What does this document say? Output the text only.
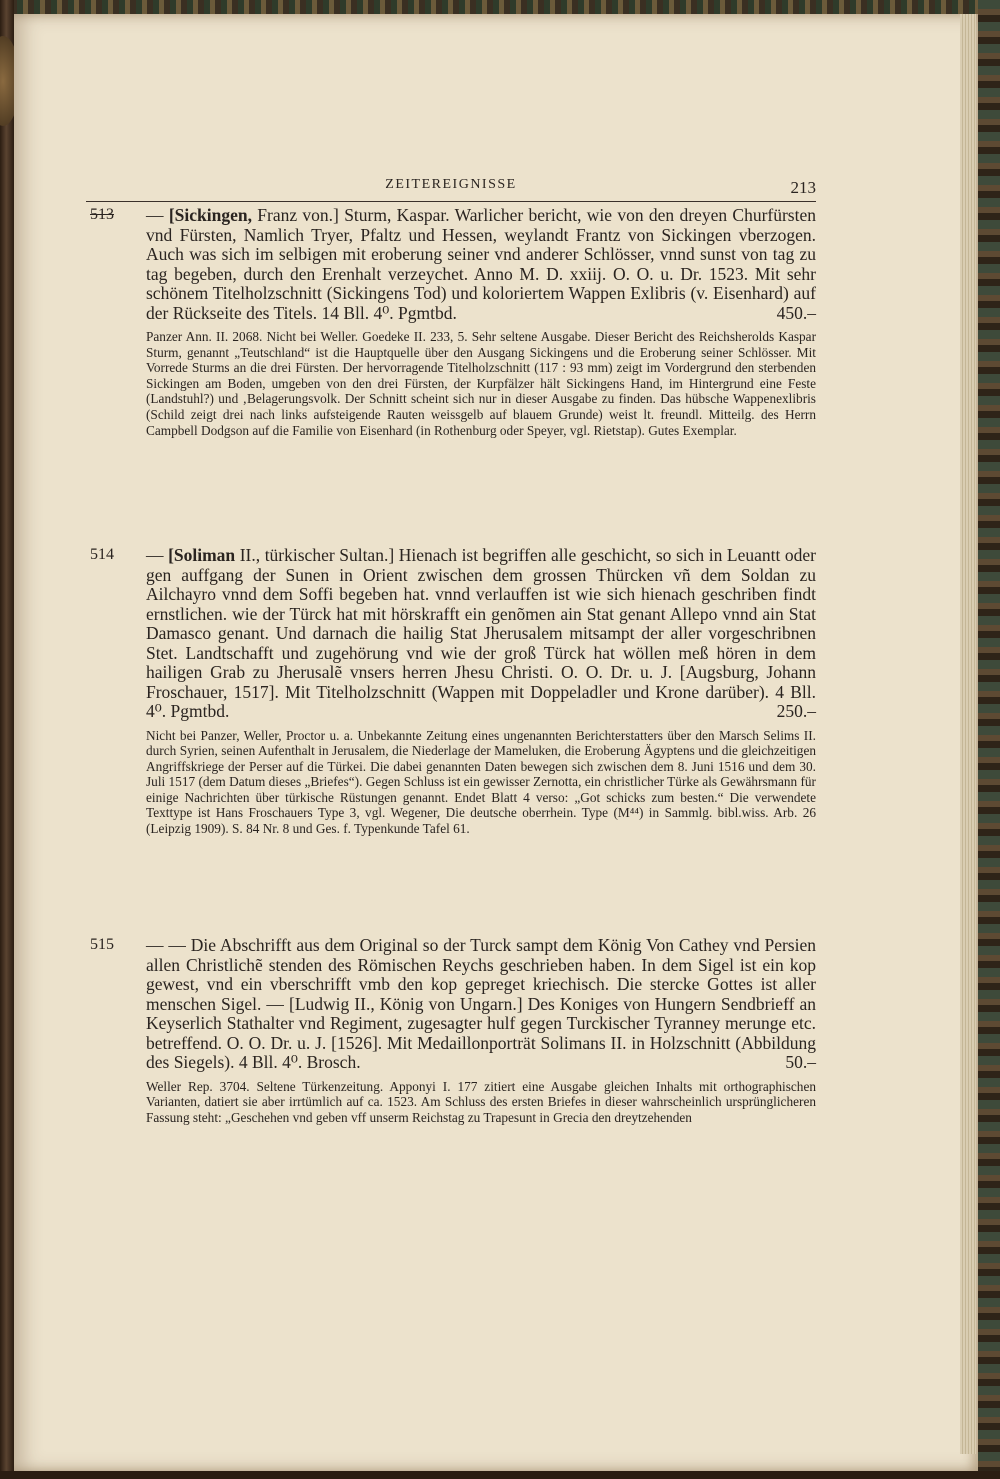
ZEITEREIGNISSE	213
513 — [Sickingen, Franz von.] Sturm, Kaspar. Warlicher bericht, wie von den dreyen Churfürsten vnd Fürsten, Namlich Tryer, Pfaltz und Hessen, weylandt Frantz von Sickingen vberzogen. Auch was sich im selbigen mit eroberung seiner vnd anderer Schlösser, vnnd sunst von tag zu tag begeben, durch den Erenhalt verzeychet. Anno M. D. xxiij. O. O. u. Dr. 1523. Mit sehr schönem Titelholzschnitt (Sickingens Tod) und koloriertem Wappen Exlibris (v. Eisenhard) auf der Rückseite des Titels. 14 Bll. 4⁰. Pgmtbd.	450.–
Panzer Ann. II. 2068. Nicht bei Weller. Goedeke II. 233, 5. Sehr seltene Ausgabe. Dieser Bericht des Reichsherolds Kaspar Sturm, genannt „Teutschland“ ist die Hauptquelle über den Ausgang Sickingens und die Eroberung seiner Schlösser. Mit Vorrede Sturms an die drei Fürsten. Der hervorragende Titelholzschnitt (117 : 93 mm) zeigt im Vordergrund den sterbenden Sickingen am Boden, umgeben von den drei Fürsten, der Kurpfälzer hält Sickingens Hand, im Hintergrund eine Feste (Landstuhl?) und ‚Belagerungsvolk. Der Schnitt scheint sich nur in dieser Ausgabe zu finden. Das hübsche Wappenexlibris (Schild zeigt drei nach links aufsteigende Rauten weissgelb auf blauem Grunde) weist lt. freundl. Mitteilg. des Herrn Campbell Dodgson auf die Familie von Eisenhard (in Rothenburg oder Speyer, vgl. Rietstap). Gutes Exemplar.
514 — [Soliman II., türkischer Sultan.] Hienach ist begriffen alle geschicht, so sich in Leuantt oder gen auffgang der Sunen in Orient zwischen dem grossen Thürcken vñ dem Soldan zu Ailchayro vnnd dem Soffi begeben hat. vnnd verlauffen ist wie sich hienach geschriben findt ernstlichen. wie der Türck hat mit hörskrafft ein genõmen ain Stat genant Allepo vnnd ain Stat Damasco genant. Und darnach die hailig Stat Jherusalem mitsampt der aller vorgeschribnen Stet. Landtschafft und zugehörung vnd wie der groß Türck hat wöllen meß hören in dem hailigen Grab zu Jherusalẽ vnsers herren Jhesu Christi. O. O. Dr. u. J. [Augsburg, Johann Froschauer, 1517]. Mit Titelholzschnitt (Wappen mit Doppeladler und Krone darüber). 4 Bll. 4⁰. Pgmtbd.	250.–
Nicht bei Panzer, Weller, Proctor u. a. Unbekannte Zeitung eines ungenannten Berichterstatters über den Marsch Selims II. durch Syrien, seinen Aufenthalt in Jerusalem, die Niederlage der Mameluken, die Eroberung Ägyptens und die gleichzeitigen Angriffskriege der Perser auf die Türkei. Die dabei genannten Daten bewegen sich zwischen dem 8. Juni 1516 und dem 30. Juli 1517 (dem Datum dieses „Briefes“). Gegen Schluss ist ein gewisser Zernotta, ein christlicher Türke als Gewährsmann für einige Nachrichten über türkische Rüstungen genannt. Endet Blatt 4 verso: „Got schicks zum besten.“ Die verwendete Texttype ist Hans Froschauers Type 3, vgl. Wegener, Die deutsche oberrhein. Type (M⁴⁴) in Sammlg. bibl.wiss. Arb. 26 (Leipzig 1909). S. 84 Nr. 8 und Ges. f. Typenkunde Tafel 61.
515 — — Die Abschrifft aus dem Original so der Turck sampt dem König Von Cathey vnd Persien allen Christlichẽ stenden des Römischen Reychs geschrieben haben. In dem Sigel ist ein kop gewest, vnd ein vberschrifft vmb den kop gepreget kriechisch. Die stercke Gottes ist aller menschen Sigel. — [Ludwig II., König von Ungarn.] Des Koniges von Hungern Sendbrieff an Keyserlich Stathalter vnd Regiment, zugesagter hulf gegen Turckischer Tyranney merunge etc. betreffend. O. O. Dr. u. J. [1526]. Mit Medaillonporträt Solimans II. in Holzschnitt (Abbildung des Siegels). 4 Bll. 4⁰. Brosch.	50.–
Weller Rep. 3704. Seltene Türkenzeitung. Apponyi I. 177 zitiert eine Ausgabe gleichen Inhalts mit orthographischen Varianten, datiert sie aber irrtümlich auf ca. 1523. Am Schluss des ersten Briefes in dieser wahrscheinlich ursprünglicheren Fassung steht: „Geschehen vnd geben vff unserm Reichstag zu Trapesunt in Grecia den dreytzehenden
